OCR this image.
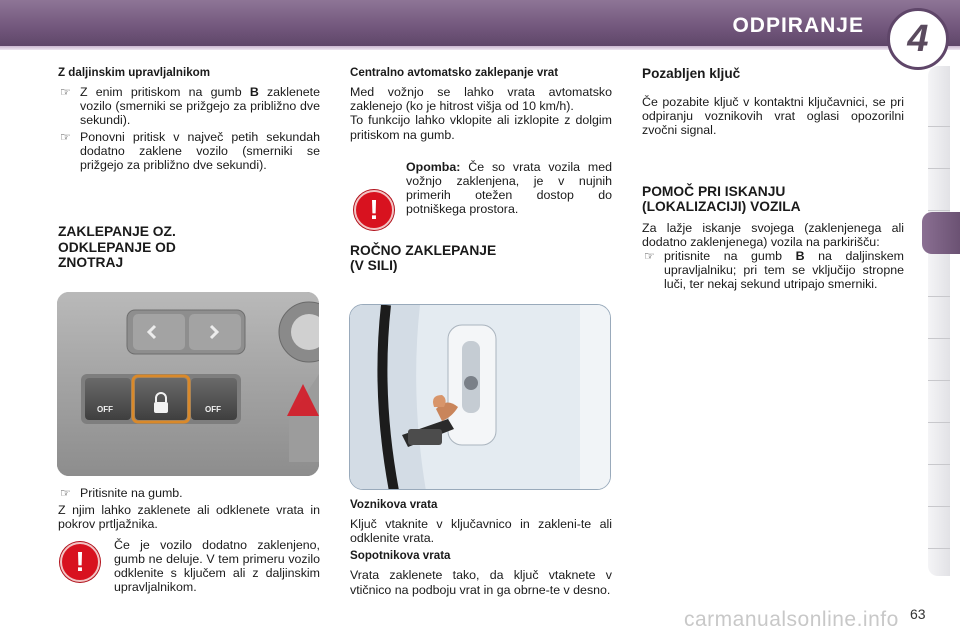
ODPIRANJE 4
Z daljinskim upravljalnikom
☞ Z enim pritiskom na gumb B zaklenete vozilo (smerniki se prižgejo za približno dve sekundi).
☞ Ponovni pritisk v največ petih sekundah dodatno zaklene vozilo (smerniki se prižgejo za približno dve sekundi).
ZAKLEPANJE OZ.
ODKLEPANJE OD
ZNOTRAJ
OFF	OFF
☞ Pritisnite na gumb.

Z njim lahko zaklenete ali odklenete vrata in pokrov prtljažnika.

Če je vozilo dodatno zaklenjeno, gumb ne deluje. V tem primeru vozilo odklenite s ključem ali z daljinskim upravljalnikom.

!
Centralno avtomatsko zaklepanje vrat

Med vožnjo se lahko vrata avtomatsko zaklenejo (ko je hitrost višja od 10 km/h).

To funkcijo lahko vklopite ali izklopite z dolgim pritiskom na gumb.

Opomba: Če so vrata vozila med vožnjo zaklenjena, je v nujnih primerih otežen dostop do potniškega prostora.

ROČNO ZAKLEPANJE
(V SILI)
!
Voznikova vrata

Ključ vtaknite v ključavnico in zakleni-te ali odklenite vrata.

Sopotnikova vrata

Vrata zaklenete tako, da ključ vtaknete v vtičnico na podboju vrat in ga obrne-te v desno.

Pozabljen ključ

Če pozabite ključ v kontaktni ključavnici, se pri odpiranju voznikovih vrat oglasi opozorilni zvočni signal.

POMOČ PRI ISKANJU
(LOKALIZACIJI) VOZILA

Za lažje iskanje svojega (zaklenjenega ali dodatno zaklenjenega) vozila na parkirišču:

☞ pritisnite na gumb B na daljinskem upravljalniku; pri tem se vključijo stropne luči, ter nekaj sekund utripajo smerniki.
carmanualsonline.info 63
